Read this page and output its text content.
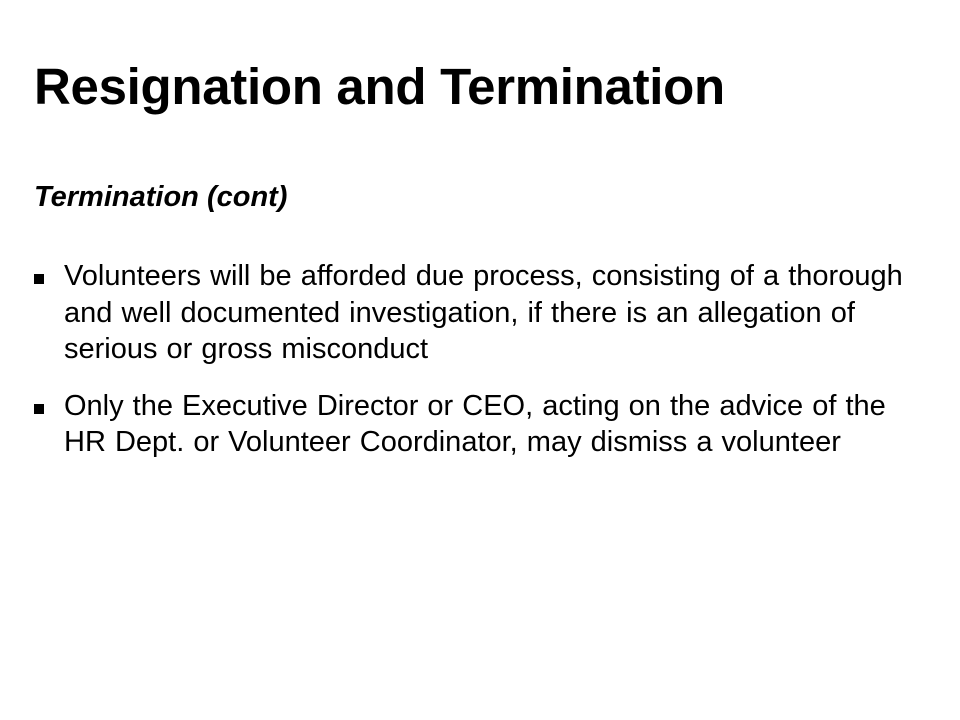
Resignation and Termination
Termination (cont)
Volunteers will be afforded due process, consisting of a thorough and well documented investigation, if there is an allegation of serious or gross misconduct
Only the Executive Director or CEO, acting on the advice of the HR Dept. or Volunteer Coordinator, may dismiss a volunteer
